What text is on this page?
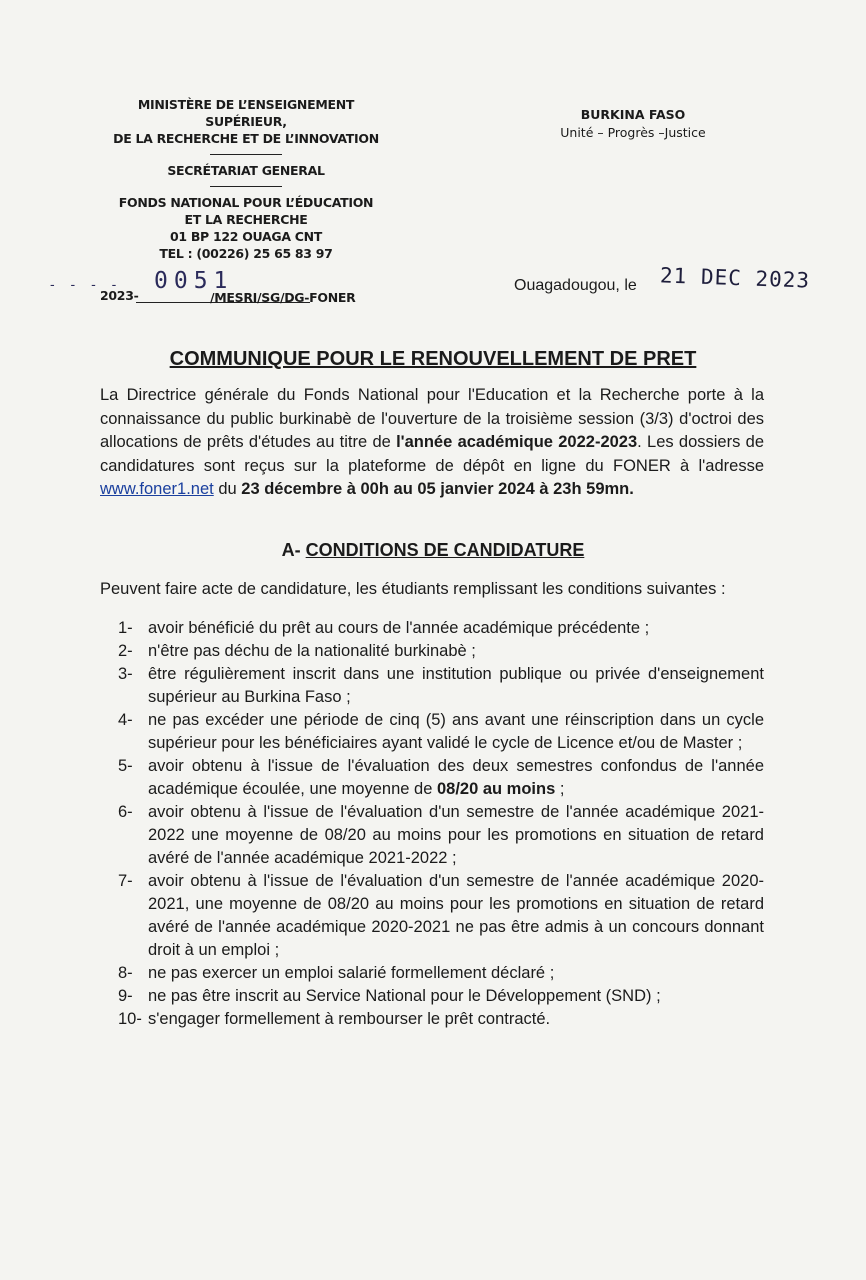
MINISTÈRE DE L’ENSEIGNEMENT SUPÉRIEUR,
DE LA RECHERCHE ET DE L’INNOVATION
SECRÉTARIAT GENERAL
FONDS NATIONAL POUR L’ÉDUCATION
ET LA RECHERCHE
01 BP 122 OUAGA CNT
TEL : (00226) 25 65 83 97
BURKINA FASO
Unité – Progrès –Justice
- - - - 0051
2023-	/MESRI/SG/DG-FONER
Ouagadougou, le 21 DEC 2023
COMMUNIQUE POUR LE RENOUVELLEMENT DE PRET
La Directrice générale du Fonds National pour l'Education et la Recherche porte à la connaissance du public burkinabè de l'ouverture de la troisième session (3/3) d'octroi des allocations de prêts d'études au titre de l'année académique 2022-2023. Les dossiers de candidatures sont reçus sur la plateforme de dépôt en ligne du FONER à l'adresse www.foner1.net du 23 décembre à 00h au 05 janvier 2024 à 23h 59mn.
A- CONDITIONS DE CANDIDATURE
Peuvent faire acte de candidature, les étudiants remplissant les conditions suivantes :
1- avoir bénéficié du prêt au cours de l'année académique précédente ;
2- n'être pas déchu de la nationalité burkinabè ;
3- être régulièrement inscrit dans une institution publique ou privée d'enseignement supérieur au Burkina Faso ;
4- ne pas excéder une période de cinq (5) ans avant une réinscription dans un cycle supérieur pour les bénéficiaires ayant validé le cycle de Licence et/ou de Master ;
5- avoir obtenu à l'issue de l'évaluation des deux semestres confondus de l'année académique écoulée, une moyenne de 08/20 au moins ;
6- avoir obtenu à l'issue de l'évaluation d'un semestre de l'année académique 2021-2022 une moyenne de 08/20 au moins pour les promotions en situation de retard avéré de l'année académique 2021-2022 ;
7- avoir obtenu à l'issue de l'évaluation d'un semestre de l'année académique 2020-2021, une moyenne de 08/20 au moins pour les promotions en situation de retard avéré de l'année académique 2020-2021 ne pas être admis à un concours donnant droit à un emploi ;
8- ne pas exercer un emploi salarié formellement déclaré ;
9- ne pas être inscrit au Service National pour le Développement (SND) ;
10- s'engager formellement à rembourser le prêt contracté.
